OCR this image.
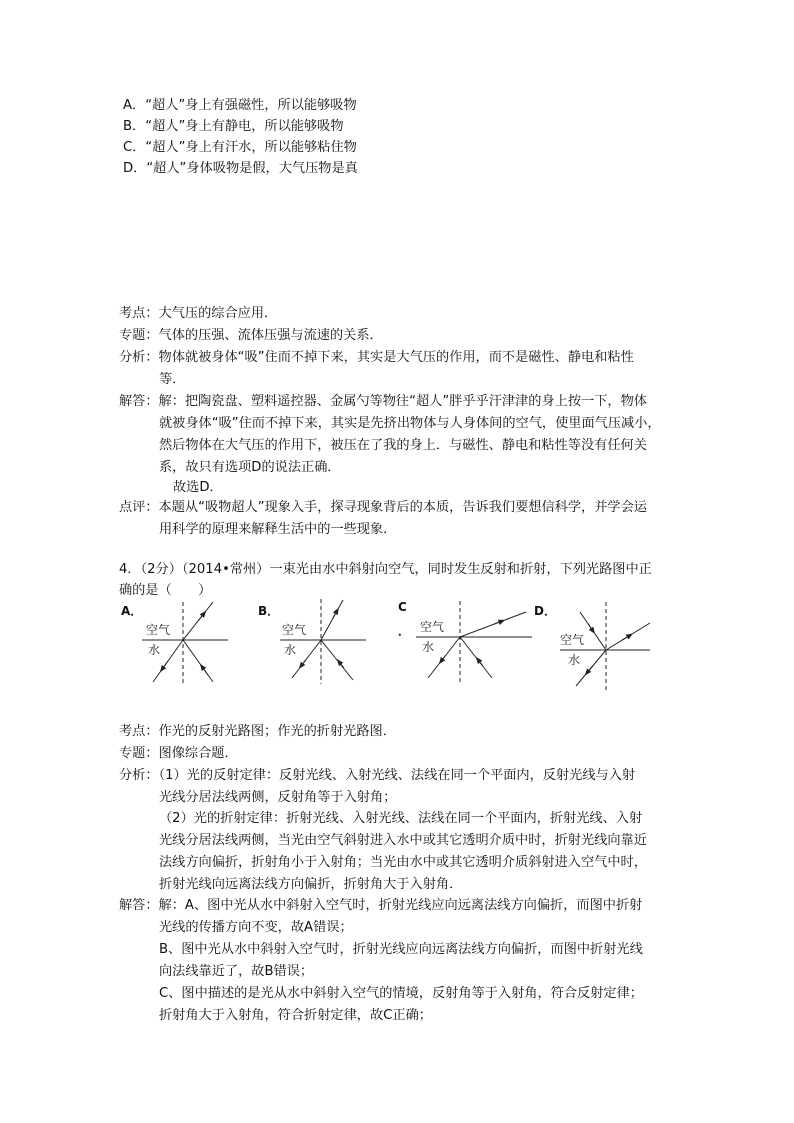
A．“超人”身上有强磁性，所以能够吸物
B．“超人”身上有静电，所以能够吸物
C．“超人”身上有汗水，所以能够粘住物
D．“超人”身体吸物是假，大气压物是真
考点：大气压的综合应用．
专题：气体的压强、流体压强与流速的关系．
分析：物体就被身体“吸”住而不掉下来，其实是大气压的作用，而不是磁性、静电和粘性
等．
解答：解：把陶瓷盘、塑料遥控器、金属勺等物往“超人”胖乎乎汗津津的身上按一下，物体
就被身体“吸”住而不掉下来，其实是先挤出物体与人身体间的空气，使里面气压减小，
然后物体在大气压的作用下，被压在了我的身上．与磁性、静电和粘性等没有任何关
系，故只有选项D的说法正确．
故选D．
点评：本题从“吸物超人”现象入手，探寻现象背后的本质，告诉我们要想信科学，并学会运
用科学的原理来解释生活中的一些现象．
4．（2分）（2014•常州）一束光由水中斜射向空气，同时发生反射和折射，下列光路图中正
确的是（　　）
A．	B．	C
．
D．
空气
水
空气
水
空气
水	空气
水
考点：作光的反射光路图；作光的折射光路图．
专题：图像综合题．
分析：（1）光的反射定律：反射光线、入射光线、法线在同一个平面内，反射光线与入射
光线分居法线两侧，反射角等于入射角；
（2）光的折射定律：折射光线、入射光线、法线在同一个平面内，折射光线、入射
光线分居法线两侧，当光由空气斜射进入水中或其它透明介质中时，折射光线向靠近
法线方向偏折，折射角小于入射角；当光由水中或其它透明介质斜射进入空气中时，
折射光线向远离法线方向偏折，折射角大于入射角．
解答：解：A、图中光从水中斜射入空气时，折射光线应向远离法线方向偏折，而图中折射
光线的传播方向不变，故A错误；
B、图中光从水中斜射入空气时，折射光线应向远离法线方向偏折，而图中折射光线
向法线靠近了，故B错误；
C、图中描述的是光从水中斜射入空气的情境，反射角等于入射角，符合反射定律；
折射角大于入射角，符合折射定律，故C正确；
